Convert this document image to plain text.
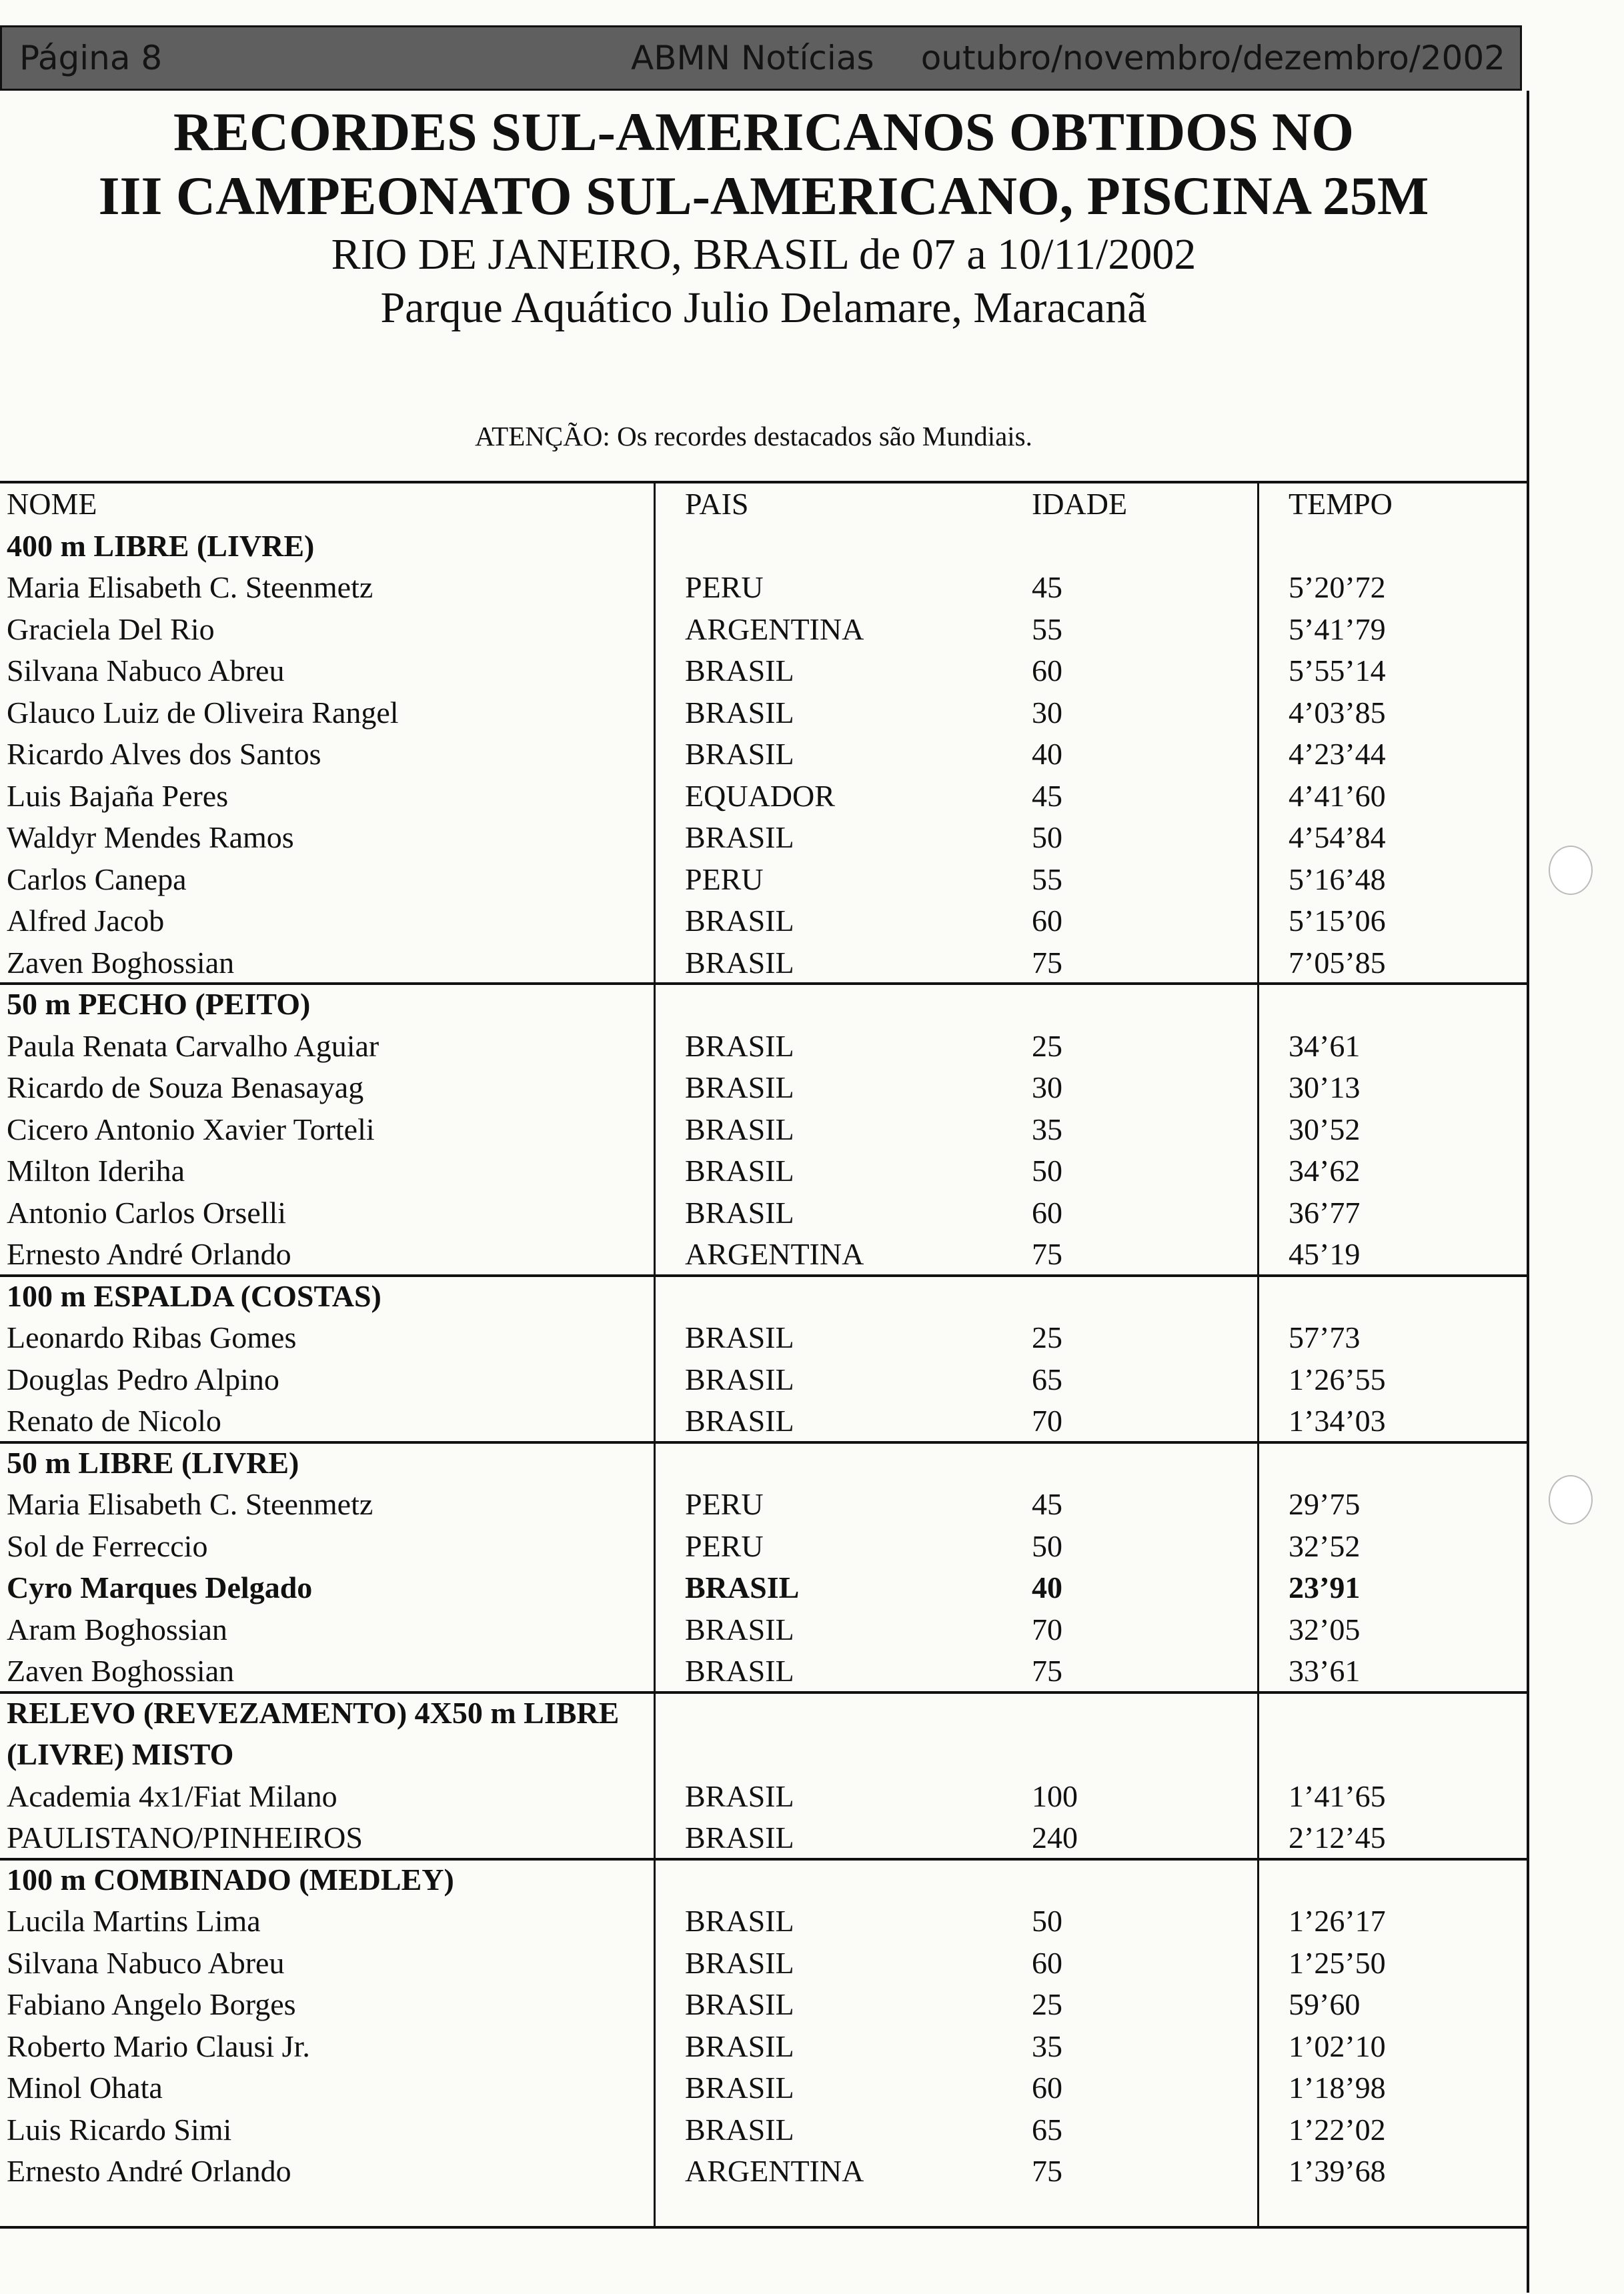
Página 8	ABMN Notícias outubro/novembro/dezembro/2002
RECORDES SUL-AMERICANOS OBTIDOS NO
III CAMPEONATO SUL-AMERICANO, PISCINA 25M
RIO DE JANEIRO, BRASIL de 07 a 10/11/2002
Parque Aquático Julio Delamare, Maracanã
ATENÇÃO: Os recordes destacados são Mundiais.
NOME	PAIS	IDADE	TEMPO
400 m LIBRE (LIVRE)
Maria Elisabeth C. Steenmetz	PERU	45	5’20’72
Graciela Del Rio	ARGENTINA	55	5’41’79
Silvana Nabuco Abreu	BRASIL	60	5’55’14
Glauco Luiz de Oliveira Rangel	BRASIL	30	4’03’85
Ricardo Alves dos Santos	BRASIL	40	4’23’44
Luis Bajaña Peres	EQUADOR	45	4’41’60
Waldyr Mendes Ramos	BRASIL	50	4’54’84
Carlos Canepa	PERU	55	5’16’48
Alfred Jacob	BRASIL	60	5’15’06
Zaven Boghossian	BRASIL	75	7’05’85
50 m PECHO (PEITO)
Paula Renata Carvalho Aguiar	BRASIL	25	34’61
Ricardo de Souza Benasayag	BRASIL	30	30’13
Cicero Antonio Xavier Torteli	BRASIL	35	30’52
Milton Ideriha	BRASIL	50	34’62
Antonio Carlos Orselli	BRASIL	60	36’77
Ernesto André Orlando	ARGENTINA	75	45’19
100 m ESPALDA (COSTAS)
Leonardo Ribas Gomes	BRASIL	25	57’73
Douglas Pedro Alpino	BRASIL	65	1’26’55
Renato de Nicolo	BRASIL	70	1’34’03
50 m LIBRE (LIVRE)
Maria Elisabeth C. Steenmetz	PERU	45	29’75
Sol de Ferreccio	PERU	50	32’52
Cyro Marques Delgado	BRASIL	40	23’91
Aram Boghossian	BRASIL	70	32’05
Zaven Boghossian	BRASIL	75	33’61
RELEVO (REVEZAMENTO) 4X50 m LIBRE
(LIVRE) MISTO
Academia 4x1/Fiat Milano	BRASIL	100	1’41’65
PAULISTANO/PINHEIROS	BRASIL	240	2’12’45
100 m COMBINADO (MEDLEY)
Lucila Martins Lima	BRASIL	50	1’26’17
Silvana Nabuco Abreu	BRASIL	60	1’25’50
Fabiano Angelo Borges	BRASIL	25	59’60
Roberto Mario Clausi Jr.	BRASIL	35	1’02’10
Minol Ohata	BRASIL	60	1’18’98
Luis Ricardo Simi	BRASIL	65	1’22’02
Ernesto André Orlando	ARGENTINA	75	1’39’68
